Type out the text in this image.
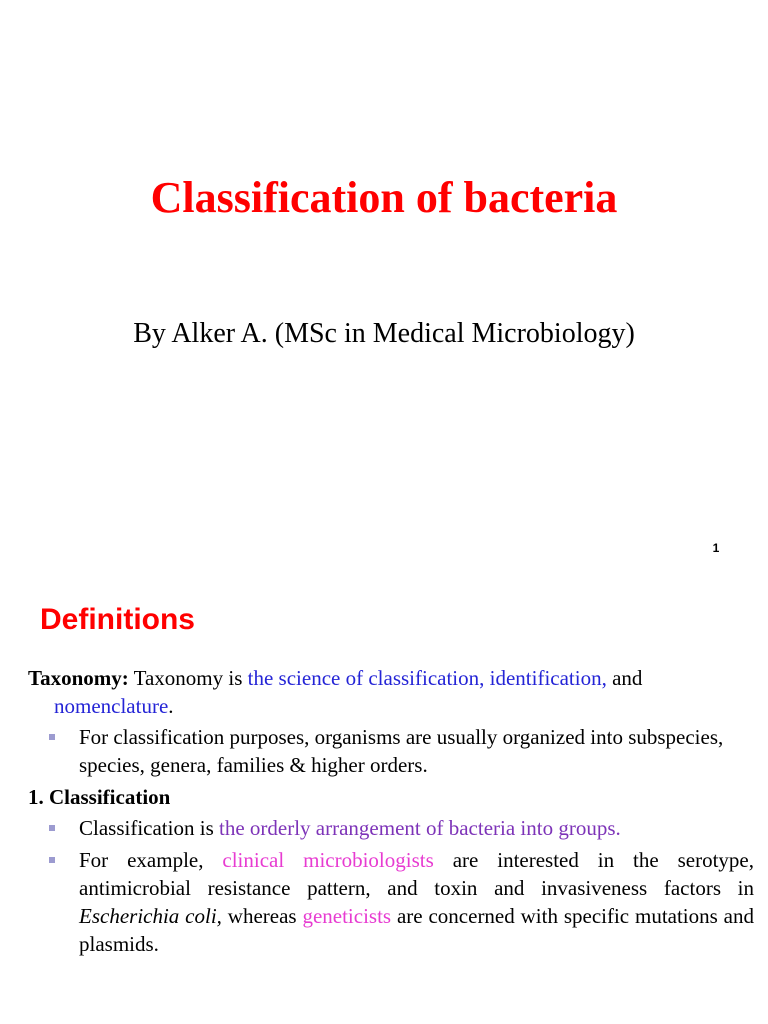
Classification of bacteria
By Alker A. (MSc in Medical Microbiology)
1
Definitions

Taxonomy: Taxonomy is the science of classification, identification, and
nomenclature.

For classification purposes, organisms are usually organized into subspecies, species, genera, families & higher orders.

1. Classification

Classification is the orderly arrangement of bacteria into groups.
For example, clinical microbiologists are interested in the serotype, antimicrobial resistance pattern, and toxin and invasiveness factors in Escherichia coli, whereas geneticists are concerned with specific mutations and plasmids.
